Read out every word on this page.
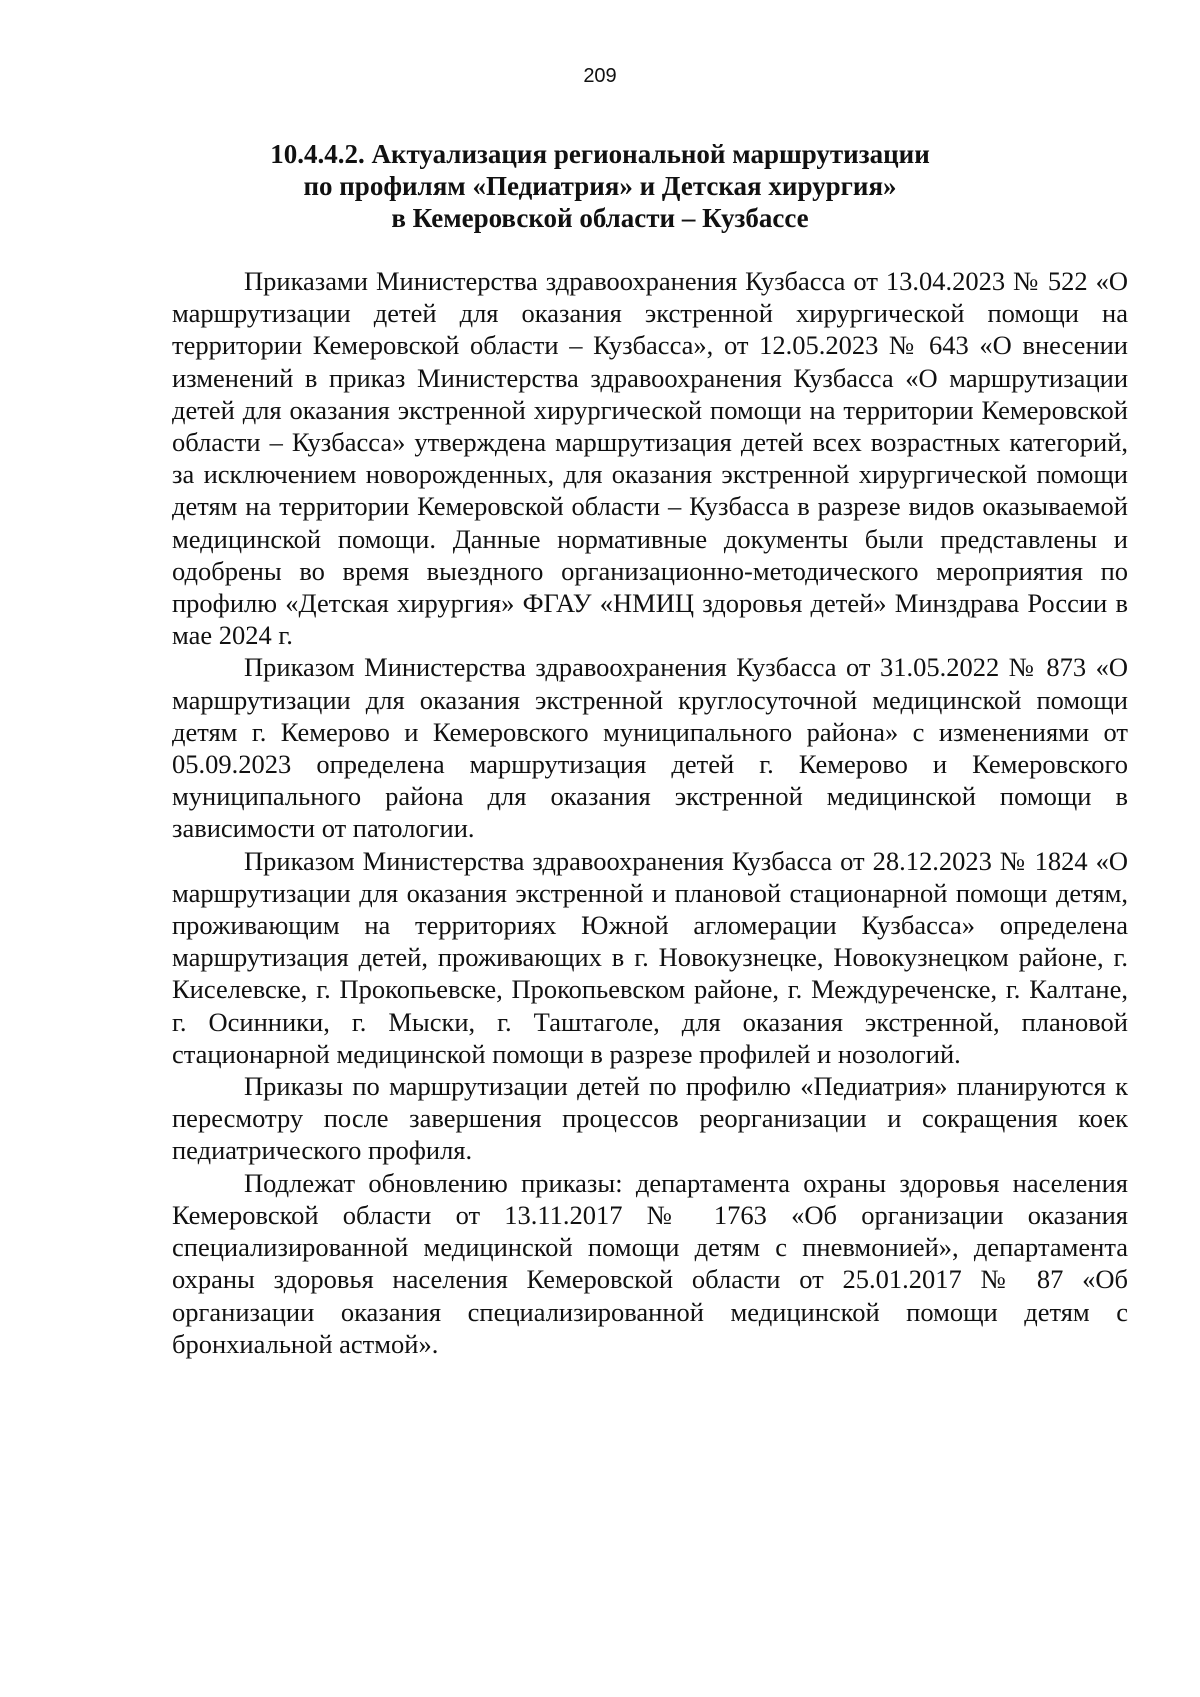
209
10.4.4.2. Актуализация региональной маршрутизации
по профилям «Педиатрия» и Детская хирургия»
в Кемеровской области – Кузбассе

Приказами Министерства здравоохранения Кузбасса от 13.04.2023 № 522 «О маршрутизации детей для оказания экстренной хирургической помощи на территории Кемеровской области – Кузбасса», от 12.05.2023 № 643 «О внесении изменений в приказ Министерства здравоохранения Кузбасса «О маршрутизации детей для оказания экстренной хирургической помощи на территории Кемеровской области – Кузбасса» утверждена маршрутизация детей всех возрастных категорий, за исключением новорожденных, для оказания экстренной хирургической помощи детям на территории Кемеровской области – Кузбасса в разрезе видов оказываемой медицинской помощи. Данные нормативные документы были представлены и одобрены во время выездного организационно-методического мероприятия по профилю «Детская хирургия» ФГАУ «НМИЦ здоровья детей» Минздрава России в мае 2024 г.

Приказом Министерства здравоохранения Кузбасса от 31.05.2022 № 873 «О маршрутизации для оказания экстренной круглосуточной медицинской помощи детям г. Кемерово и Кемеровского муниципального района» с изменениями от 05.09.2023 определена маршрутизация детей г. Кемерово и Кемеровского муниципального района для оказания экстренной медицинской помощи в зависимости от патологии.

Приказом Министерства здравоохранения Кузбасса от 28.12.2023 № 1824 «О маршрутизации для оказания экстренной и плановой стационарной помощи детям, проживающим на территориях Южной агломерации Кузбасса» определена маршрутизация детей, проживающих в г. Новокузнецке, Новокузнецком районе, г. Киселевске, г. Прокопьевске, Прокопьевском районе, г. Междуреченске, г. Калтане, г. Осинники, г. Мыски, г. Таштаголе, для оказания экстренной, плановой стационарной медицинской помощи в разрезе профилей и нозологий.

Приказы по маршрутизации детей по профилю «Педиатрия» планируются к пересмотру после завершения процессов реорганизации и сокращения коек педиатрического профиля.

Подлежат обновлению приказы: департамента охраны здоровья населения Кемеровской области от 13.11.2017 № 1763 «Об организации оказания специализированной медицинской помощи детям с пневмонией», департамента охраны здоровья населения Кемеровской области от 25.01.2017 № 87 «Об организации оказания специализированной медицинской помощи детям с бронхиальной астмой».
